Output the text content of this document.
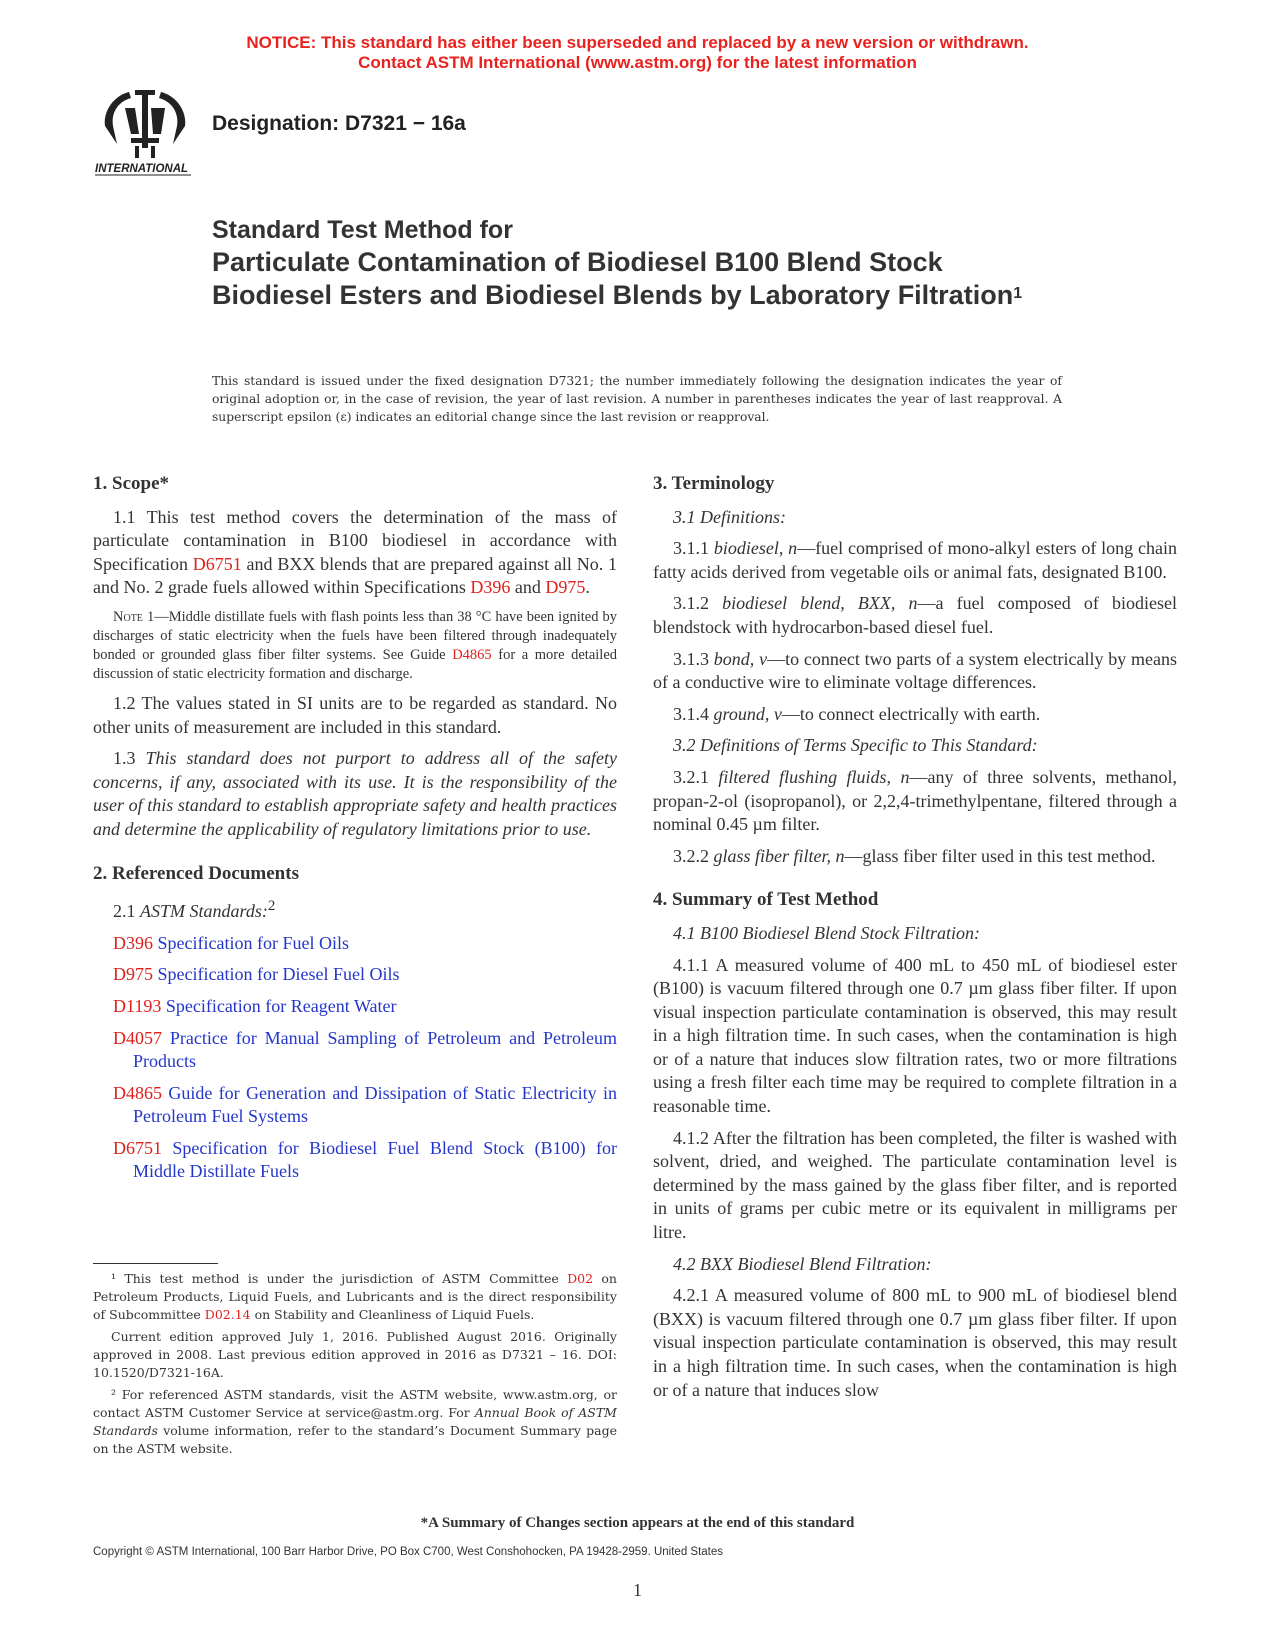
NOTICE: This standard has either been superseded and replaced by a new version or withdrawn.
Contact ASTM International (www.astm.org) for the latest information
INTERNATIONAL
Designation: D7321 − 16a
Standard Test Method for
Particulate Contamination of Biodiesel B100 Blend Stock Biodiesel Esters and Biodiesel Blends by Laboratory Filtration$^1$
This standard is issued under the fixed designation D7321; the number immediately following the designation indicates the year of original adoption or, in the case of revision, the year of last revision. A number in parentheses indicates the year of last reapproval. A superscript epsilon (ε) indicates an editorial change since the last revision or reapproval.
1. Scope*

1.1 This test method covers the determination of the mass of particulate contamination in B100 biodiesel in accordance with Specification D6751 and BXX blends that are prepared against all No. 1 and No. 2 grade fuels allowed within Specifications D396 and D975.

Note 1—Middle distillate fuels with flash points less than 38 °C have been ignited by discharges of static electricity when the fuels have been filtered through inadequately bonded or grounded glass fiber filter systems. See Guide D4865 for a more detailed discussion of static electricity formation and discharge.

1.2 The values stated in SI units are to be regarded as standard. No other units of measurement are included in this standard.

1.3 This standard does not purport to address all of the safety concerns, if any, associated with its use. It is the responsibility of the user of this standard to establish appropriate safety and health practices and determine the applicability of regulatory limitations prior to use.

2. Referenced Documents

2.1 ASTM Standards:$^2$

D396 Specification for Fuel Oils

D975 Specification for Diesel Fuel Oils

D1193 Specification for Reagent Water

D4057 Practice for Manual Sampling of Petroleum and Petroleum Products

D4865 Guide for Generation and Dissipation of Static Electricity in Petroleum Fuel Systems

D6751 Specification for Biodiesel Fuel Blend Stock (B100) for Middle Distillate Fuels

3. Terminology

3.1 Definitions:

3.1.1 biodiesel, n—fuel comprised of mono-alkyl esters of long chain fatty acids derived from vegetable oils or animal fats, designated B100.

3.1.2 biodiesel blend, BXX, n—a fuel composed of biodiesel blendstock with hydrocarbon-based diesel fuel.

3.1.3 bond, v—to connect two parts of a system electrically by means of a conductive wire to eliminate voltage differences.

3.1.4 ground, v—to connect electrically with earth.

3.2 Definitions of Terms Specific to This Standard:

3.2.1 filtered flushing fluids, n—any of three solvents, methanol, propan-2-ol (isopropanol), or 2,2,4-trimethylpentane, filtered through a nominal 0.45 µm filter.

3.2.2 glass fiber filter, n—glass fiber filter used in this test method.

4. Summary of Test Method

4.1 B100 Biodiesel Blend Stock Filtration:

4.1.1 A measured volume of 400 mL to 450 mL of biodiesel ester (B100) is vacuum filtered through one 0.7 µm glass fiber filter. If upon visual inspection particulate contamination is observed, this may result in a high filtration time. In such cases, when the contamination is high or of a nature that induces slow filtration rates, two or more filtrations using a fresh filter each time may be required to complete filtration in a reasonable time.

4.1.2 After the filtration has been completed, the filter is washed with solvent, dried, and weighed. The particulate contamination level is determined by the mass gained by the glass fiber filter, and is reported in units of grams per cubic metre or its equivalent in milligrams per litre.

4.2 BXX Biodiesel Blend Filtration:

4.2.1 A measured volume of 800 mL to 900 mL of biodiesel blend (BXX) is vacuum filtered through one 0.7 µm glass fiber filter. If upon visual inspection particulate contamination is observed, this may result in a high filtration time. In such cases, when the contamination is high or of a nature that induces slow

¹ This test method is under the jurisdiction of ASTM Committee D02 on Petroleum Products, Liquid Fuels, and Lubricants and is the direct responsibility of Subcommittee D02.14 on Stability and Cleanliness of Liquid Fuels.

Current edition approved July 1, 2016. Published August 2016. Originally approved in 2008. Last previous edition approved in 2016 as D7321 – 16. DOI: 10.1520/D7321-16A.

² For referenced ASTM standards, visit the ASTM website, www.astm.org, or contact ASTM Customer Service at service@astm.org. For Annual Book of ASTM Standards volume information, refer to the standard’s Document Summary page on the ASTM website.

*A Summary of Changes section appears at the end of this standard
Copyright © ASTM International, 100 Barr Harbor Drive, PO Box C700, West Conshohocken, PA 19428-2959. United States
1
